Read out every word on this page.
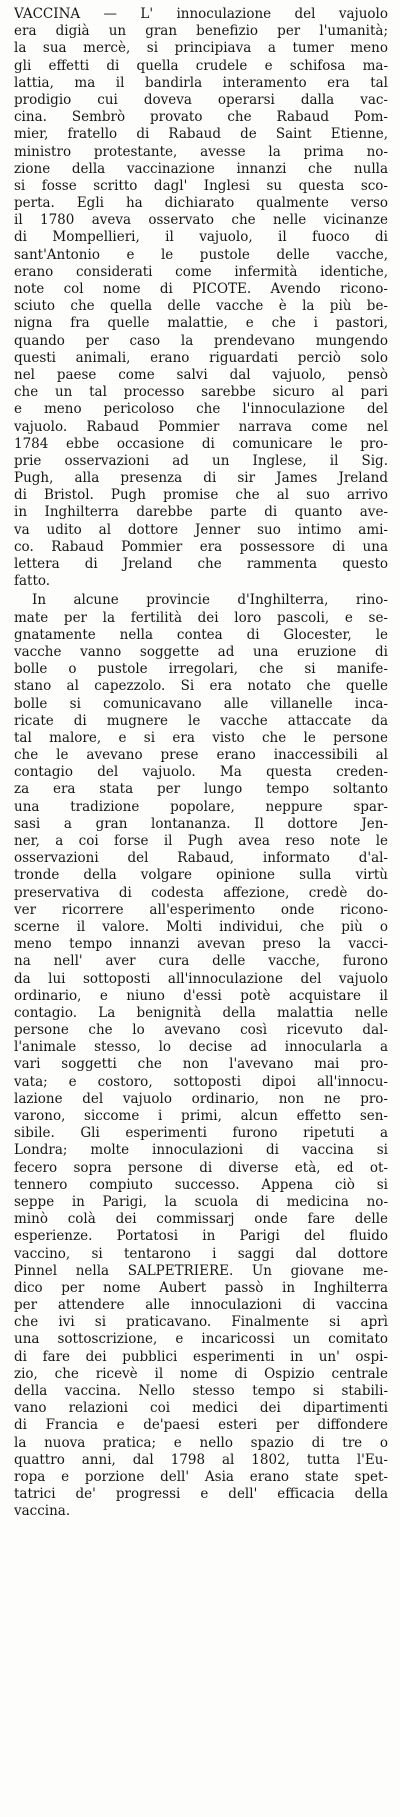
VACCINA — L' innoculazione del vajuolo
era digià un gran benefizio per l'umanità;
la sua mercè, si principiava a tumer meno
gli effetti di quella crudele e schifosa ma-
lattia, ma il bandirla interamento era tal
prodigio cui doveva operarsi dalla vac-
cina. Sembrò provato che Rabaud Pom-
mier, fratello di Rabaud de Saint Etienne,
ministro protestante, avesse la prima no-
zione della vaccinazione innanzi che nulla
si fosse scritto dagl' Inglesi su questa sco-
perta. Egli ha dichiarato qualmente verso
il 1780 aveva osservato che nelle vicinanze
di Mompellieri, il vajuolo, il fuoco di
sant'Antonio e le pustole delle vacche,
erano considerati come infermità identiche,
note col nome di PICOTE. Avendo ricono-
sciuto che quella delle vacche è la più be-
nigna fra quelle malattie, e che i pastori,
quando per caso la prendevano mungendo
questi animali, erano riguardati perciò solo
nel paese come salvi dal vajuolo, pensò
che un tal processo sarebbe sicuro al pari
e meno pericoloso che l'innoculazione del
vajuolo. Rabaud Pommier narrava come nel
1784 ebbe occasione di comunicare le pro-
prie osservazioni ad un Inglese, il Sig.
Pugh, alla presenza di sir James Jreland
di Bristol. Pugh promise che al suo arrivo
in Inghilterra darebbe parte di quanto ave-
va udito al dottore Jenner suo intimo ami-
co. Rabaud Pommier era possessore di una
lettera di Jreland che rammenta questo
fatto.
In alcune provincie d'Inghilterra, rino-
mate per la fertilità dei loro pascoli, e se-
gnatamente nella contea di Glocester, le
vacche vanno soggette ad una eruzione di
bolle o pustole irregolari, che si manife-
stano al capezzolo. Si era notato che quelle
bolle si comunicavano alle villanelle inca-
ricate di mugnere le vacche attaccate da
tal malore, e si era visto che le persone
che le avevano prese erano inaccessibili al
contagio del vajuolo. Ma questa creden-
za era stata per lungo tempo soltanto
una tradizione popolare, neppure spar-
sasi a gran lontananza. Il dottore Jen-
ner, a coi forse il Pugh avea reso note le
osservazioni del Rabaud, informato d'al-
tronde della volgare opinione sulla virtù
preservativa di codesta affezione, credè do-
ver ricorrere all'esperimento onde ricono-
scerne il valore. Molti individui, che più o
meno tempo innanzi avevan preso la vacci-
na nell' aver cura delle vacche, furono
da lui sottoposti all'innoculazione del vajuolo
ordinario, e niuno d'essi potè acquistare il
contagio. La benignità della malattia nelle
persone che lo avevano così ricevuto dal-
l'animale stesso, lo decise ad innocularla a
vari soggetti che non l'avevano mai pro-
vata; e costoro, sottoposti dipoi all'innocu-
lazione del vajuolo ordinario, non ne pro-
varono, siccome i primi, alcun effetto sen-
sibile. Gli esperimenti furono ripetuti a
Londra; molte innoculazioni di vaccina si
fecero sopra persone di diverse età, ed ot-
tennero compiuto successo. Appena ciò si
seppe in Parigi, la scuola di medicina no-
minò colà dei commissarj onde fare delle
esperienze. Portatosi in Parigi del fluido
vaccino, si tentarono i saggi dal dottore
Pinnel nella SALPETRIERE. Un giovane me-
dico per nome Aubert passò in Inghilterra
per attendere alle innoculazioni di vaccina
che ivi si praticavano. Finalmente si aprì
una sottoscrizione, e incaricossi un comitato
di fare dei pubblici esperimenti in un' ospi-
zio, che ricevè il nome di Ospizio centrale
della vaccina. Nello stesso tempo si stabili-
vano relazioni coi medici dei dipartimenti
di Francia e de'paesi esteri per diffondere
la nuova pratica; e nello spazio di tre o
quattro anni, dal 1798 al 1802, tutta l'Eu-
ropa e porzione dell' Asia erano state spet-
tatrici de' progressi e dell' efficacia della
vaccina.
